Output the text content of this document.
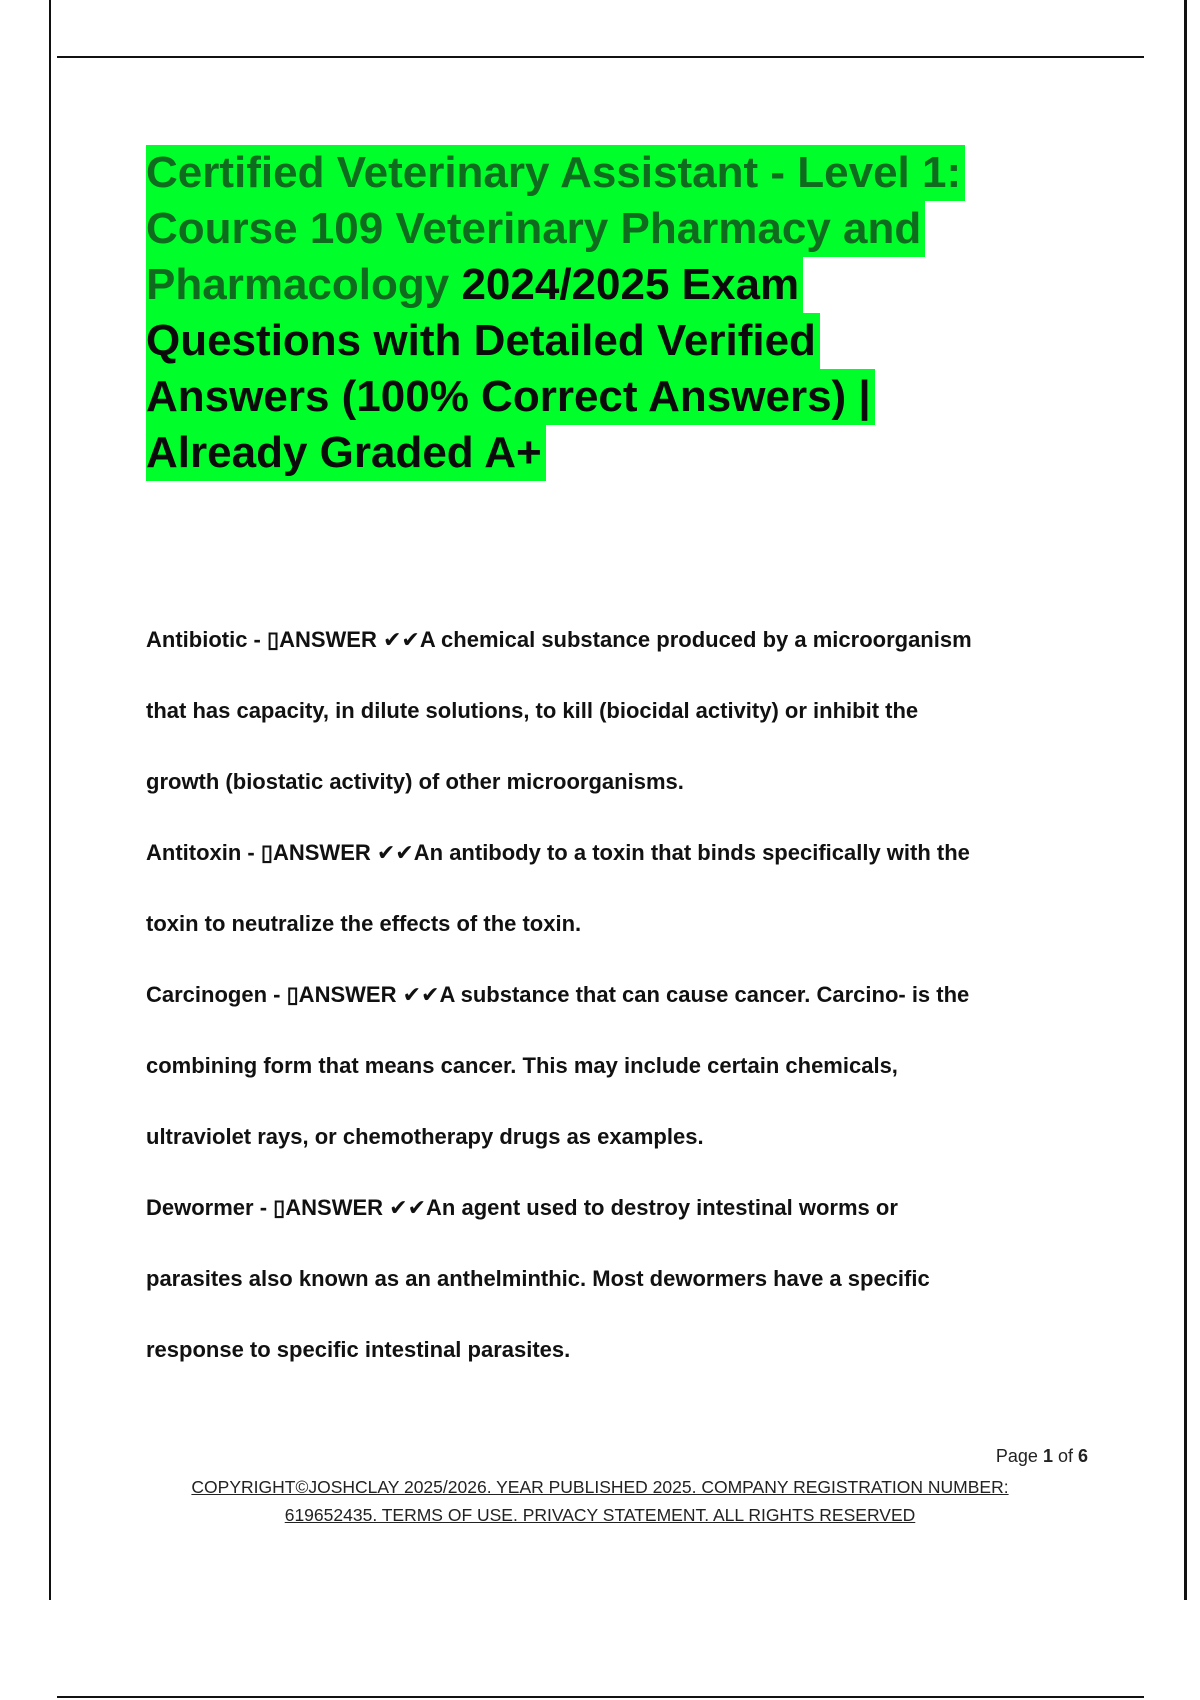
Certified Veterinary Assistant - Level 1:
Course 109 Veterinary Pharmacy and
Pharmacology 2024/2025 Exam
Questions with Detailed Verified
Answers (100% Correct Answers) |
Already Graded A+
Antibiotic - ▯ANSWER ✔✔A chemical substance produced by a microorganism
that has capacity, in dilute solutions, to kill (biocidal activity) or inhibit the
growth (biostatic activity) of other microorganisms.
Antitoxin - ▯ANSWER ✔✔An antibody to a toxin that binds specifically with the
toxin to neutralize the effects of the toxin.
Carcinogen - ▯ANSWER ✔✔A substance that can cause cancer. Carcino- is the
combining form that means cancer. This may include certain chemicals,
ultraviolet rays, or chemotherapy drugs as examples.
Dewormer - ▯ANSWER ✔✔An agent used to destroy intestinal worms or
parasites also known as an anthelminthic. Most dewormers have a specific
response to specific intestinal parasites.
Page 1 of 6
COPYRIGHT©JOSHCLAY 2025/2026. YEAR PUBLISHED 2025. COMPANY REGISTRATION NUMBER:
619652435. TERMS OF USE. PRIVACY STATEMENT. ALL RIGHTS RESERVED
